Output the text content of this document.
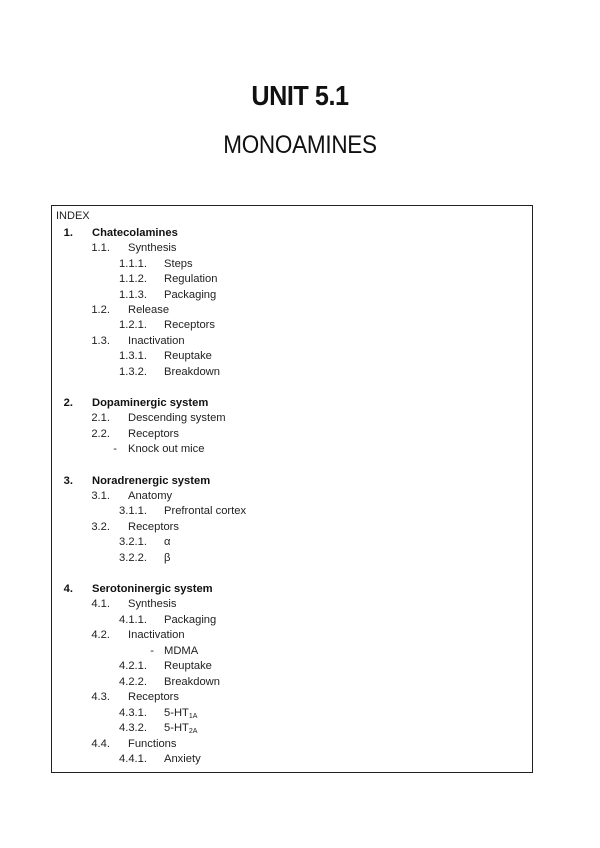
UNIT 5.1
MONOAMINES
INDEX
1. Chatecolamines
1.1. Synthesis
1.1.1. Steps
1.1.2. Regulation
1.1.3. Packaging
1.2. Release
1.2.1. Receptors
1.3. Inactivation
1.3.1. Reuptake
1.3.2. Breakdown
2. Dopaminergic system
2.1. Descending system
2.2. Receptors
- Knock out mice
3. Noradrenergic system
3.1. Anatomy
3.1.1. Prefrontal cortex
3.2. Receptors
3.2.1. α
3.2.2. β
4. Serotoninergic system
4.1. Synthesis
4.1.1. Packaging
4.2. Inactivation
- MDMA
4.2.1. Reuptake
4.2.2. Breakdown
4.3. Receptors
4.3.1. $5-HT_{1A}$
4.3.2. $5-HT_{2A}$
4.4. Functions
4.4.1. Anxiety
